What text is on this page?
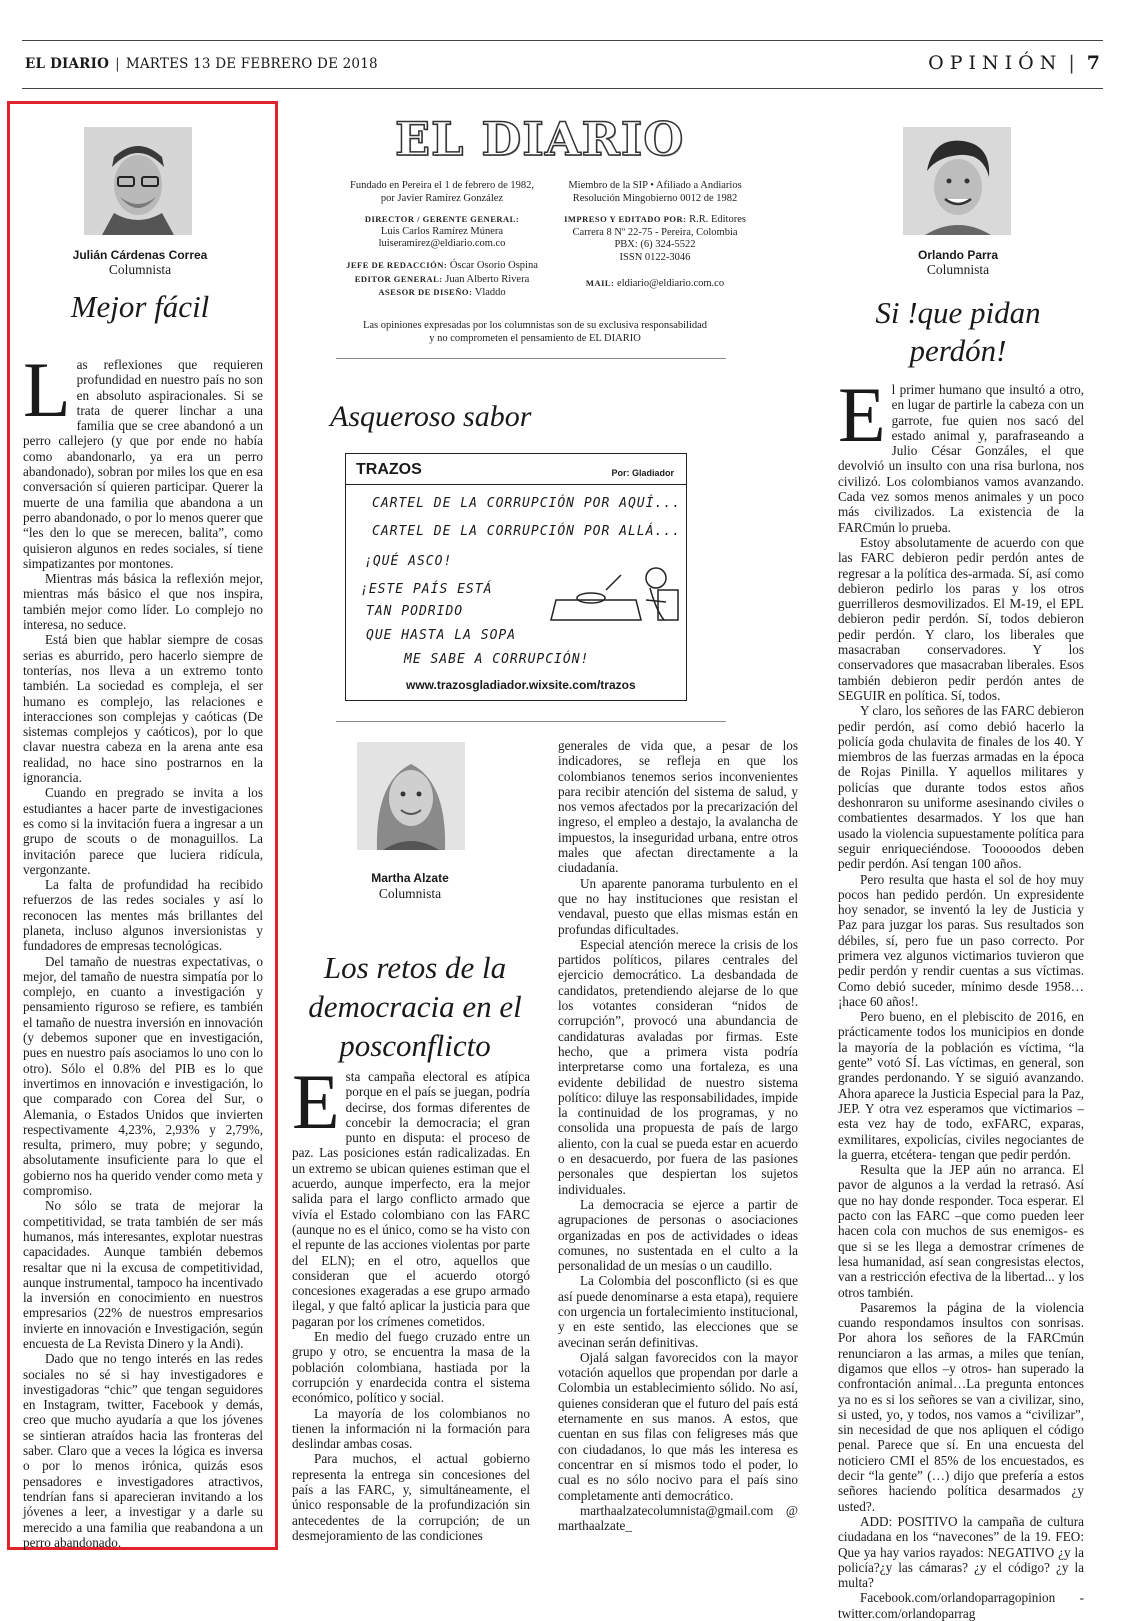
EL DIARIO | MARTES 13 DE FEBRERO DE 2018	OPINIÓN | 7
Julián Cárdenas Correa
Columnista
Mejor fácil
L as reflexiones que requieren profundidad en nuestro país no son en absoluto aspiracionales. Si se trata de querer linchar a una familia que se cree abandonó a un perro callejero (y que por ende no había como abandonarlo, ya era un perro abandonado), sobran por miles los que en esa conversación sí quieren participar. Querer la muerte de una familia que abandona a un perro abandonado, o por lo menos querer que “les den lo que se merecen, balita”, como quisieron algunos en redes sociales, sí tiene simpatizantes por montones.

Mientras más básica la reflexión mejor, mientras más básico el que nos inspira, también mejor como líder. Lo complejo no interesa, no seduce.

Está bien que hablar siempre de cosas serias es aburrido, pero hacerlo siempre de tonterías, nos lleva a un extremo tonto también. La sociedad es compleja, el ser humano es complejo, las relaciones e interacciones son complejas y caóticas (De sistemas complejos y caóticos), por lo que clavar nuestra cabeza en la arena ante esa realidad, no hace sino postrarnos en la ignorancia.

Cuando en pregrado se invita a los estudiantes a hacer parte de investigaciones es como si la invitación fuera a ingresar a un grupo de scouts o de monaguillos. La invitación parece que luciera ridícula, vergonzante.

La falta de profundidad ha recibido refuerzos de las redes sociales y así lo reconocen las mentes más brillantes del planeta, incluso algunos inversionistas y fundadores de empresas tecnológicas.

Del tamaño de nuestras expectativas, o mejor, del tamaño de nuestra simpatía por lo complejo, en cuanto a investigación y pensamiento riguroso se refiere, es también el tamaño de nuestra inversión en innovación (y debemos suponer que en investigación, pues en nuestro país asociamos lo uno con lo otro). Sólo el 0.8% del PIB es lo que invertimos en innovación e investigación, lo que comparado con Corea del Sur, o Alemania, o Estados Unidos que invierten respectivamente 4,23%, 2,93% y 2,79%, resulta, primero, muy pobre; y segundo, absolutamente insuficiente para lo que el gobierno nos ha querido vender como meta y compromiso.

No sólo se trata de mejorar la competitividad, se trata también de ser más humanos, más interesantes, explotar nuestras capacidades. Aunque también debemos resaltar que ni la excusa de competitividad, aunque instrumental, tampoco ha incentivado la inversión en conocimiento en nuestros empresarios (22% de nuestros empresarios invierte en innovación e Investigación, según encuesta de La Revista Dinero y la Andi).

Dado que no tengo interés en las redes sociales no sé si hay investigadores e investigadoras “chic” que tengan seguidores en Instagram, twitter, Facebook y demás, creo que mucho ayudaría a que los jóvenes se sintieran atraídos hacia las fronteras del saber. Claro que a veces la lógica es inversa o por lo menos irónica, quizás esos pensadores e investigadores atractivos, tendrían fans si aparecieran invitando a los jóvenes a leer, a investigar y a darle su merecido a una familia que reabandona a un perro abandonado.

EL DIARIO
Fundado en Pereira el 1 de febrero de 1982,
por Javier Ramírez González
DIRECTOR / GERENTE GENERAL:
Luis Carlos Ramírez Múnera
luiseramirez@eldiario.com.co
JEFE DE REDACCIÓN: Óscar Osorio Ospina
EDITOR GENERAL: Juan Alberto Rivera
ASESOR DE DISEÑO: Vladdo
Miembro de la SIP • Afiliado a Andiarios
Resolución Mingobierno 0012 de 1982
IMPRESO Y EDITADO POR: R.R. Editores
Carrera 8 Nº 22-75 - Pereira, Colombia
PBX: (6) 324-5522
ISSN 0122-3046
MAIL: eldiario@eldiario.com.co
Las opiniones expresadas por los columnistas son de su exclusiva responsabilidad
y no comprometen el pensamiento de EL DIARIO
Asqueroso sabor
TRAZOS	Por: Gladiador
CARTEL DE LA CORRUPCIÓN POR AQUÍ...
CARTEL DE LA CORRUPCIÓN POR ALLÁ...
¡QUÉ ASCO!
¡ESTE PAÍS ESTÁ
TAN PODRIDO
QUE HASTA LA SOPA
ME SABE A CORRUPCIÓN!
www.trazosgladiador.wixsite.com/trazos
Martha Alzate
Columnista
Los retos de la
democracia en el
posconflicto
E sta campaña electoral es atípica porque en el país se juegan, podría decirse, dos formas diferentes de concebir la democracia; el gran punto en disputa: el proceso de paz. Las posiciones están radicalizadas. En un extremo se ubican quienes estiman que el acuerdo, aunque imperfecto, era la mejor salida para el largo conflicto armado que vivía el Estado colombiano con las FARC (aunque no es el único, como se ha visto con el repunte de las acciones violentas por parte del ELN); en el otro, aquellos que consideran que el acuerdo otorgó concesiones exageradas a ese grupo armado ilegal, y que faltó aplicar la justicia para que pagaran por los crímenes cometidos.

En medio del fuego cruzado entre un grupo y otro, se encuentra la masa de la población colombiana, hastiada por la corrupción y enardecida contra el sistema económico, político y social.

La mayoría de los colombianos no tienen la información ni la formación para deslindar ambas cosas.

Para muchos, el actual gobierno representa la entrega sin concesiones del país a las FARC, y, simultáneamente, el único responsable de la profundización sin antecedentes de la corrupción; de un desmejoramiento de las condiciones

generales de vida que, a pesar de los indicadores, se refleja en que los colombianos tenemos serios inconvenientes para recibir atención del sistema de salud, y nos vemos afectados por la precarización del ingreso, el empleo a destajo, la avalancha de impuestos, la inseguridad urbana, entre otros males que afectan directamente a la ciudadanía.

Un aparente panorama turbulento en el que no hay instituciones que resistan el vendaval, puesto que ellas mismas están en profundas dificultades.

Especial atención merece la crisis de los partidos políticos, pilares centrales del ejercicio democrático. La desbandada de candidatos, pretendiendo alejarse de lo que los votantes consideran “nidos de corrupción”, provocó una abundancia de candidaturas avaladas por firmas. Este hecho, que a primera vista podría interpretarse como una fortaleza, es una evidente debilidad de nuestro sistema político: diluye las responsabilidades, impide la continuidad de los programas, y no consolida una propuesta de país de largo aliento, con la cual se pueda estar en acuerdo o en desacuerdo, por fuera de las pasiones personales que despiertan los sujetos individuales.

La democracia se ejerce a partir de agrupaciones de personas o asociaciones organizadas en pos de actividades o ideas comunes, no sustentada en el culto a la personalidad de un mesías o un caudillo.

La Colombia del posconflicto (si es que así puede denominarse a esta etapa), requiere con urgencia un fortalecimiento institucional, y en este sentido, las elecciones que se avecinan serán definitivas.

Ojalá salgan favorecidos con la mayor votación aquellos que propendan por darle a Colombia un establecimiento sólido. No así, quienes consideran que el futuro del país está eternamente en sus manos. A estos, que cuentan en sus filas con feligreses más que con ciudadanos, lo que más les interesa es concentrar en sí mismos todo el poder, lo cual es no sólo nocivo para el país sino completamente anti democrático.

marthaalzatecolumnista@gmail.com @ marthaalzate_

Orlando Parra
Columnista
Si !que pidan
perdón!
E l primer humano que insultó a otro, en lugar de partirle la cabeza con un garrote, fue quien nos sacó del estado animal y, parafraseando a Julio César Gonzáles, el que devolvió un insulto con una risa burlona, nos civilizó. Los colombianos vamos avanzando. Cada vez somos menos animales y un poco más civilizados. La existencia de la FARCmún lo prueba.

Estoy absolutamente de acuerdo con que las FARC debieron pedir perdón antes de regresar a la política des-armada. Sí, así como debieron pedirlo los paras y los otros guerrilleros desmovilizados. El M-19, el EPL debieron pedir perdón. Sí, todos debieron pedir perdón. Y claro, los liberales que masacraban conservadores. Y los conservadores que masacraban liberales. Esos también debieron pedir perdón antes de SEGUIR en política. Sí, todos.

Y claro, los señores de las FARC debieron pedir perdón, así como debió hacerlo la policía goda chulavita de finales de los 40. Y miembros de las fuerzas armadas en la época de Rojas Pinilla. Y aquellos militares y policías que durante todos estos años deshonraron su uniforme asesinando civiles o combatientes desarmados. Y los que han usado la violencia supuestamente política para seguir enriqueciéndose. Tooooodos deben pedir perdón. Así tengan 100 años.

Pero resulta que hasta el sol de hoy muy pocos han pedido perdón. Un expresidente hoy senador, se inventó la ley de Justicia y Paz para juzgar los paras. Sus resultados son débiles, sí, pero fue un paso correcto. Por primera vez algunos victimarios tuvieron que pedir perdón y rendir cuentas a sus víctimas. Como debió suceder, mínimo desde 1958…¡hace 60 años!.

Pero bueno, en el plebiscito de 2016, en prácticamente todos los municipios en donde la mayoría de la población es víctima, “la gente” votó SÍ. Las víctimas, en general, son grandes perdonando. Y se siguió avanzando. Ahora aparece la Justicia Especial para la Paz, JEP. Y otra vez esperamos que victimarios –esta vez hay de todo, exFARC, exparas, exmilitares, expolicías, civiles negociantes de la guerra, etcétera- tengan que pedir perdón.

Resulta que la JEP aún no arranca. El pavor de algunos a la verdad la retrasó. Así que no hay donde responder. Toca esperar. El pacto con las FARC –que como pueden leer hacen cola con muchos de sus enemigos- es que si se les llega a demostrar crímenes de lesa humanidad, así sean congresistas electos, van a restricción efectiva de la libertad... y los otros también.

Pasaremos la página de la violencia cuando respondamos insultos con sonrisas. Por ahora los señores de la FARCmún renunciaron a las armas, a miles que tenían, digamos que ellos –y otros- han superado la confrontación animal…La pregunta entonces ya no es si los señores se van a civilizar, sino, si usted, yo, y todos, nos vamos a “civilizar”, sin necesidad de que nos apliquen el código penal. Parece que sí. En una encuesta del noticiero CMI el 85% de los encuestados, es decir “la gente” (…) dijo que prefería a estos señores haciendo política desarmados ¿y usted?.

ADD: POSITIVO la campaña de cultura ciudadana en los “navecones” de la 19. FEO: Que ya hay varios rayados: NEGATIVO ¿y la policía?¿y las cámaras? ¿y el código? ¿y la multa?

Facebook.com/orlandoparragopinion - twitter.com/orlandoparrag
